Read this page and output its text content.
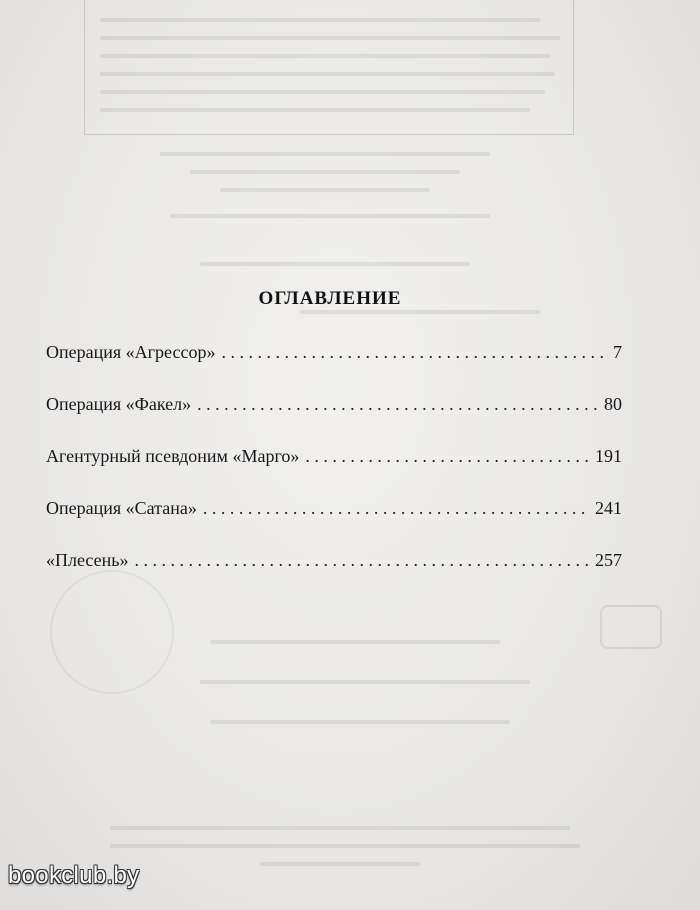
ОГЛАВЛЕНИЕ
Операция «Агрессор» . . .	7
Операция «Факел» . . .	80
Агентурный псевдоним «Марго» . . .	191
Операция «Сатана» . . .	241
«Плесень» . . .	257
bookclub.by
